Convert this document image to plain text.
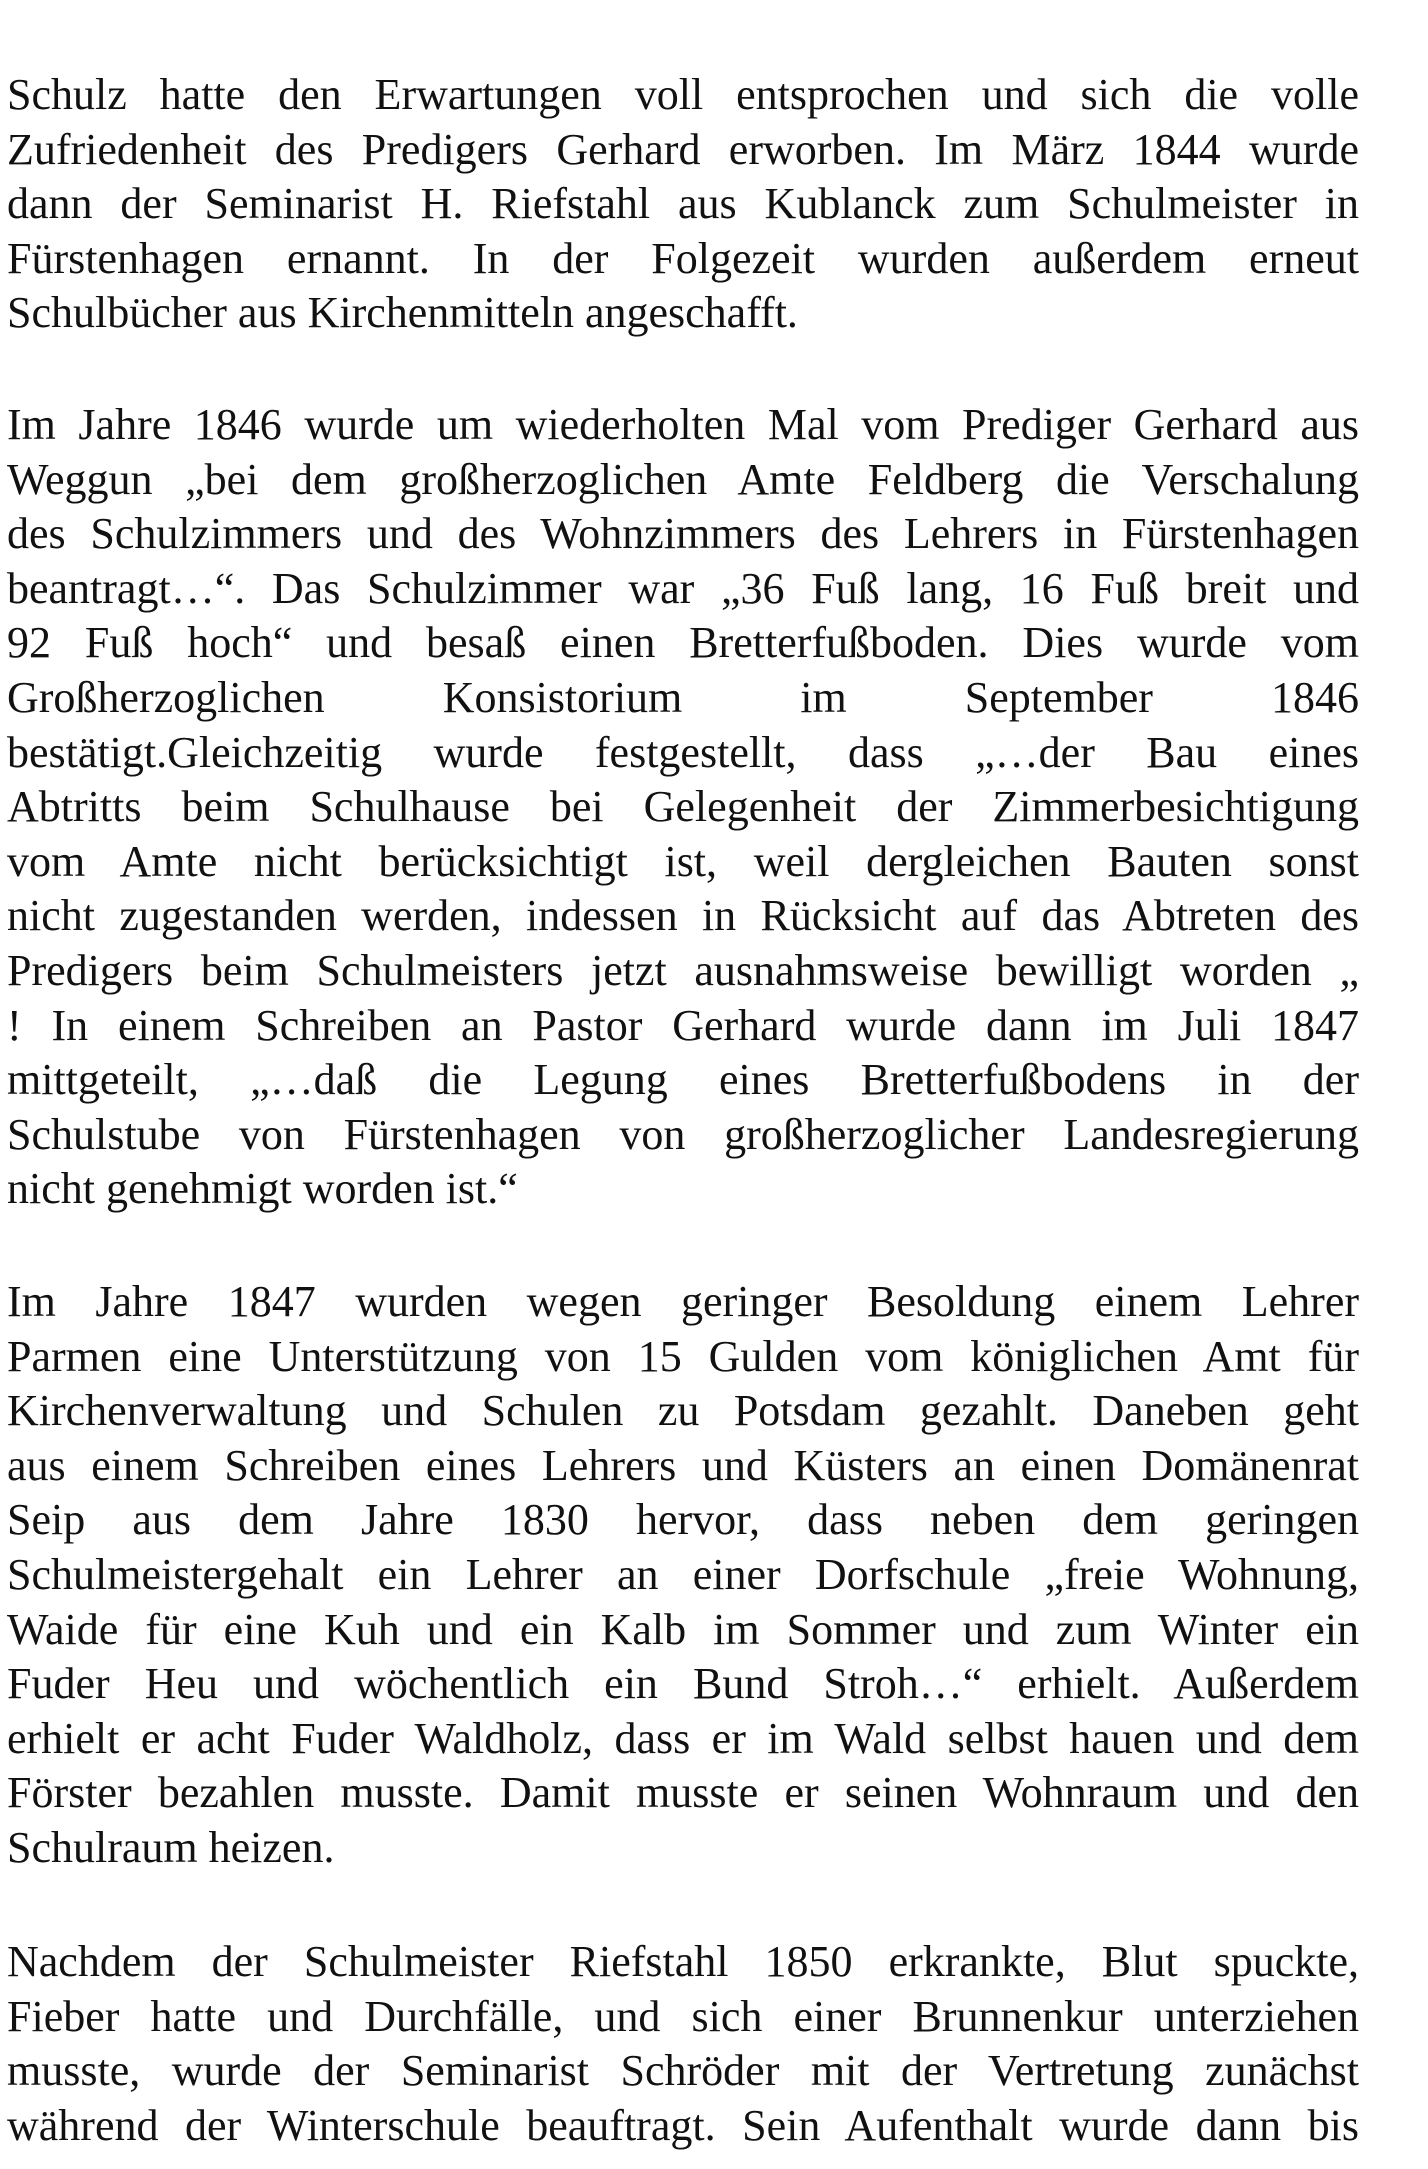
Schulz hatte den Erwartungen voll entsprochen und sich die volle
Zufriedenheit des Predigers Gerhard erworben. Im März 1844 wurde
dann der Seminarist H. Riefstahl aus Kublanck zum Schulmeister in
Fürstenhagen ernannt. In der Folgezeit wurden außerdem erneut
Schulbücher aus Kirchenmitteln angeschafft.
Im Jahre 1846 wurde um wiederholten Mal vom Prediger Gerhard aus
Weggun „bei dem großherzoglichen Amte Feldberg die Verschalung
des Schulzimmers und des Wohnzimmers des Lehrers in Fürstenhagen
beantragt…“. Das Schulzimmer war „36 Fuß lang, 16 Fuß breit und
92 Fuß hoch“ und besaß einen Bretterfußboden. Dies wurde vom
Großherzoglichen Konsistorium im September 1846
bestätigt.Gleichzeitig wurde festgestellt, dass „…der Bau eines
Abtritts beim Schulhause bei Gelegenheit der Zimmerbesichtigung
vom Amte nicht berücksichtigt ist, weil dergleichen Bauten sonst
nicht zugestanden werden, indessen in Rücksicht auf das Abtreten des
Predigers beim Schulmeisters jetzt ausnahmsweise bewilligt worden „
! In einem Schreiben an Pastor Gerhard wurde dann im Juli 1847
mittgeteilt, „…daß die Legung eines Bretterfußbodens in der
Schulstube von Fürstenhagen von großherzoglicher Landesregierung
nicht genehmigt worden ist.“
Im Jahre 1847 wurden wegen geringer Besoldung einem Lehrer
Parmen eine Unterstützung von 15 Gulden vom königlichen Amt für
Kirchenverwaltung und Schulen zu Potsdam gezahlt. Daneben geht
aus einem Schreiben eines Lehrers und Küsters an einen Domänenrat
Seip aus dem Jahre 1830 hervor, dass neben dem geringen
Schulmeistergehalt ein Lehrer an einer Dorfschule „freie Wohnung,
Waide für eine Kuh und ein Kalb im Sommer und zum Winter ein
Fuder Heu und wöchentlich ein Bund Stroh…“ erhielt. Außerdem
erhielt er acht Fuder Waldholz, dass er im Wald selbst hauen und dem
Förster bezahlen musste. Damit musste er seinen Wohnraum und den
Schulraum heizen.
Nachdem der Schulmeister Riefstahl 1850 erkrankte, Blut spuckte,
Fieber hatte und Durchfälle, und sich einer Brunnenkur unterziehen
musste, wurde der Seminarist Schröder mit der Vertretung zunächst
während der Winterschule beauftragt. Sein Aufenthalt wurde dann bis
